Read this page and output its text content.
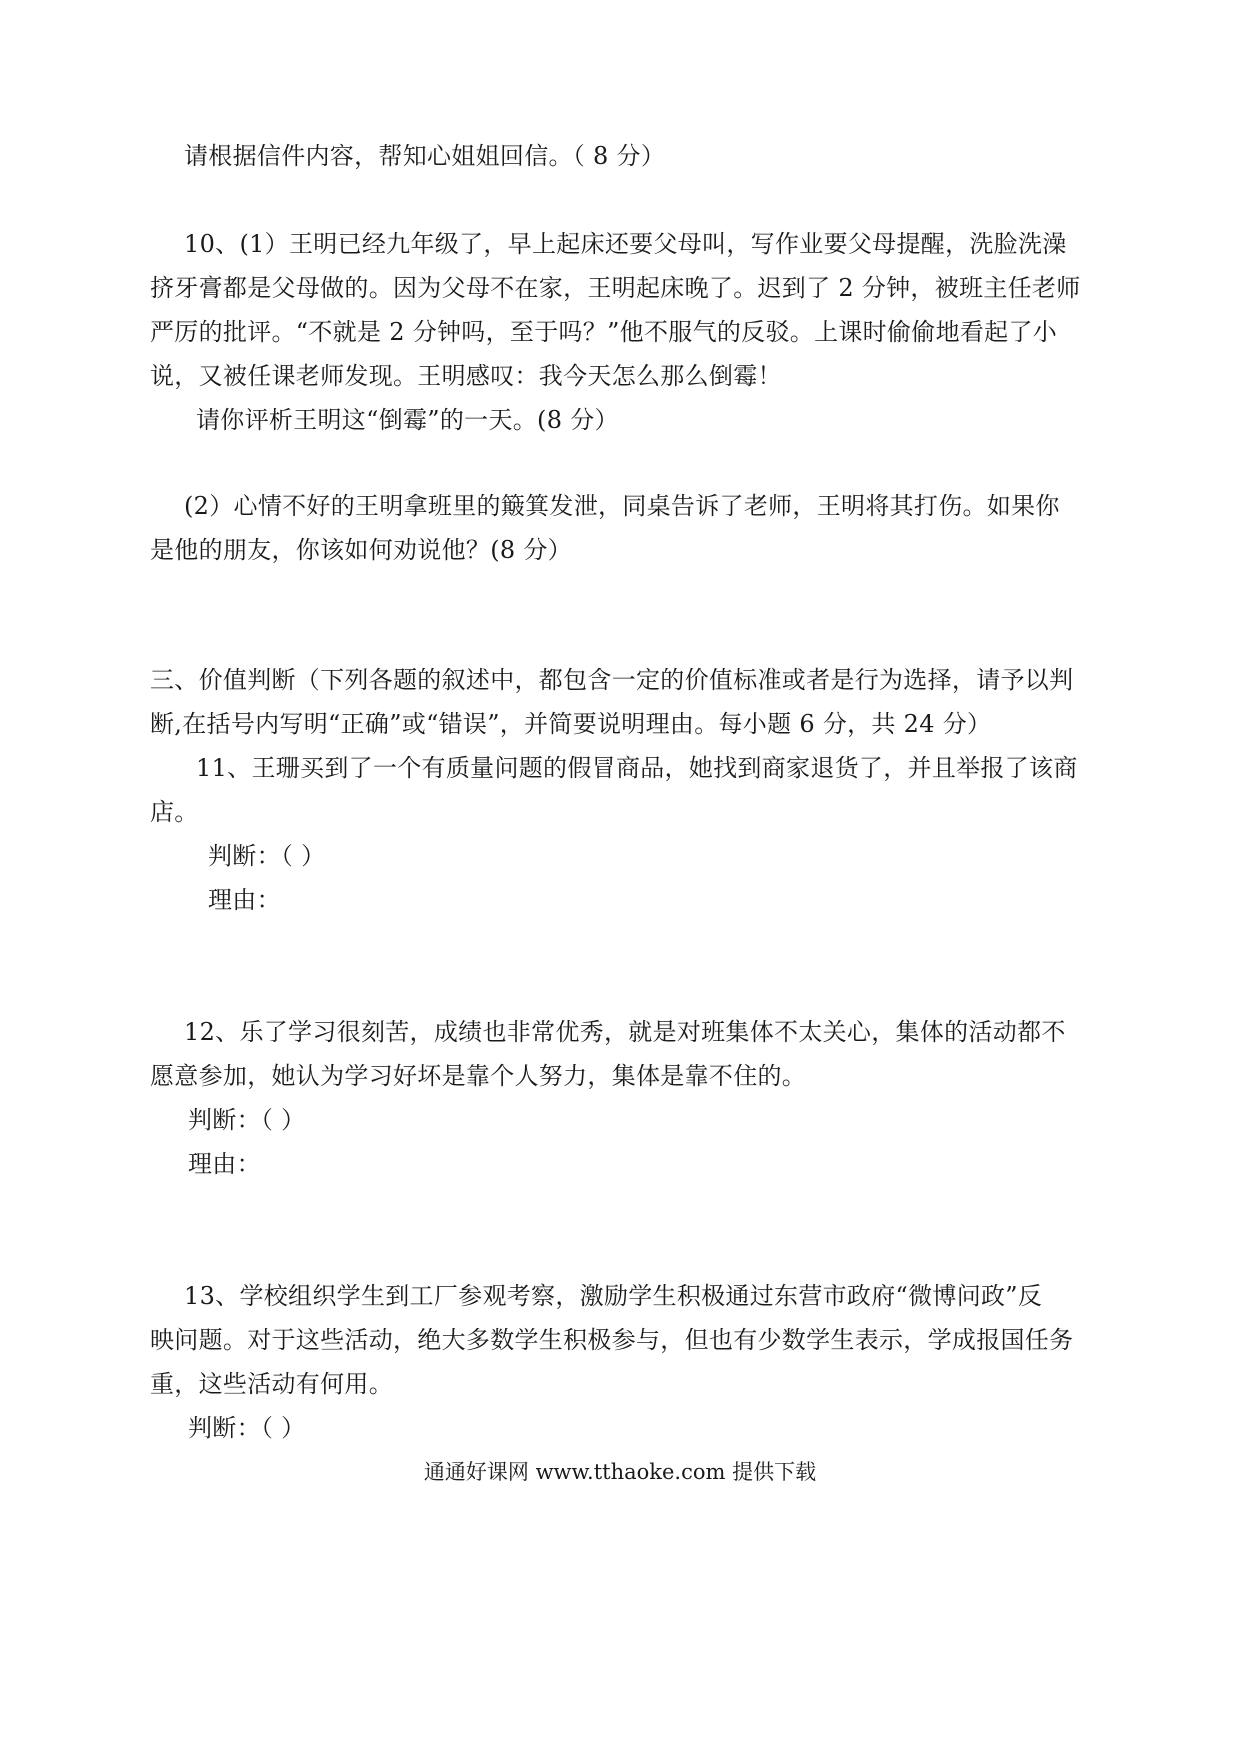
请根据信件内容，帮知心姐姐回信。（ 8 分）
10、(1）王明已经九年级了，早上起床还要父母叫，写作业要父母提醒，洗脸洗澡
挤牙膏都是父母做的。因为父母不在家，王明起床晚了。迟到了 2 分钟，被班主任老师
严厉的批评。“不就是 2 分钟吗，至于吗？”他不服气的反驳。上课时偷偷地看起了小
说，又被任课老师发现。王明感叹：我今天怎么那么倒霉！
请你评析王明这“倒霉”的一天。(8 分）
(2）心情不好的王明拿班里的簸箕发泄，同桌告诉了老师，王明将其打伤。如果你
是他的朋友，你该如何劝说他？(8 分）
三、价值判断（下列各题的叙述中，都包含一定的价值标准或者是行为选择，请予以判
断,在括号内写明“正确”或“错误”，并简要说明理由。每小题 6 分，共 24 分）
11、王珊买到了一个有质量问题的假冒商品，她找到商家退货了，并且举报了该商
店。
判断：（ ）
理由：
12、乐了学习很刻苦，成绩也非常优秀，就是对班集体不太关心，集体的活动都不
愿意参加，她认为学习好坏是靠个人努力，集体是靠不住的。
判断：（ ）
理由：
13、学校组织学生到工厂参观考察，激励学生积极通过东营市政府“微博问政”反
映问题。对于这些活动，绝大多数学生积极参与，但也有少数学生表示，学成报国任务
重，这些活动有何用。
判断：（ ）
通通好课网 www.tthaoke.com 提供下载
